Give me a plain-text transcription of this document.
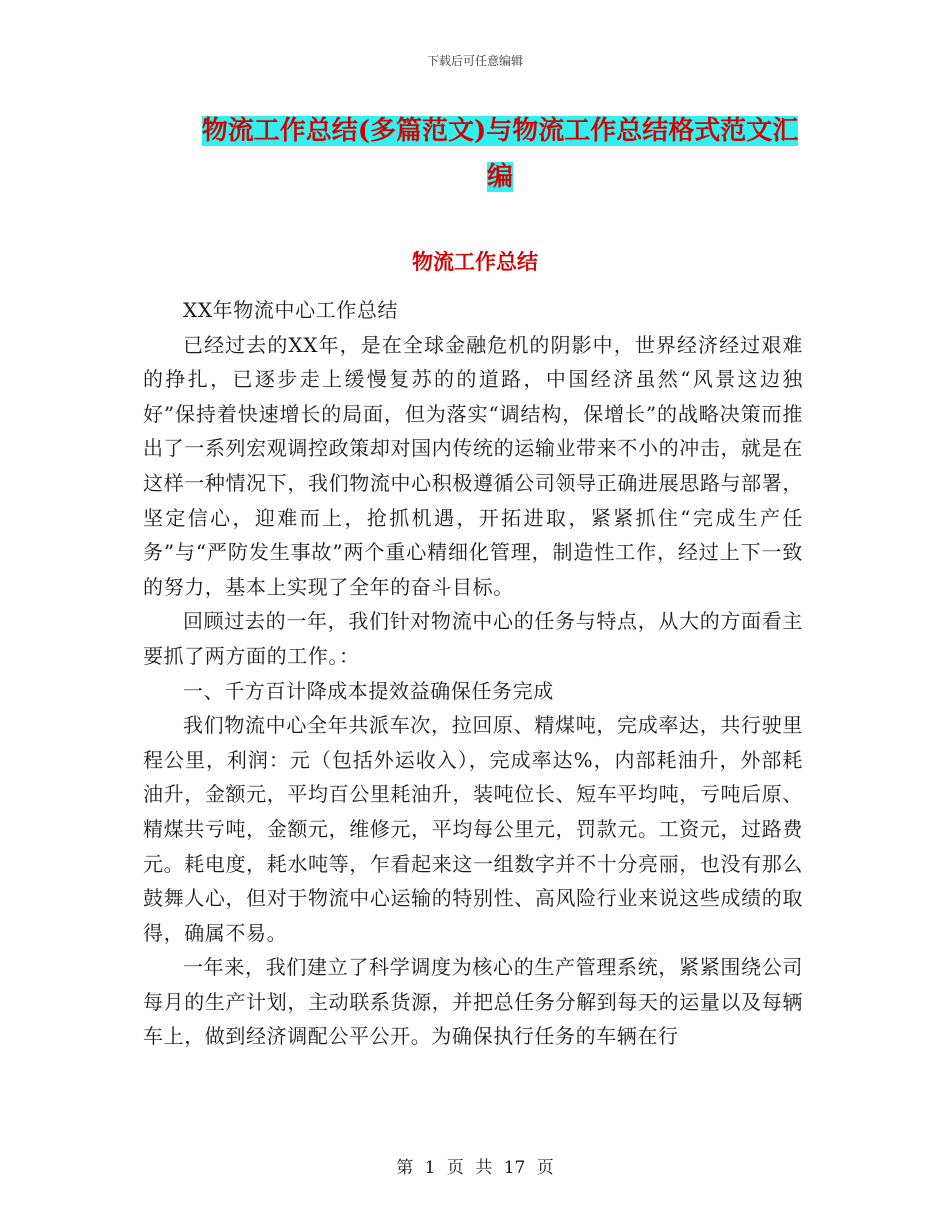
下载后可任意编辑
物流工作总结(多篇范文)与物流工作总结格式范文汇编
物流工作总结

XX年物流中心工作总结

已经过去的XX年，是在全球金融危机的阴影中，世界经济经过艰难的挣扎，已逐步走上缓慢复苏的的道路，中国经济虽然“风景这边独好”保持着快速增长的局面，但为落实“调结构，保增长”的战略决策而推出了一系列宏观调控政策却对国内传统的运输业带来不小的冲击，就是在这样一种情况下，我们物流中心积极遵循公司领导正确进展思路与部署，坚定信心，迎难而上，抢抓机遇，开拓进取，紧紧抓住“完成生产任务”与“严防发生事故”两个重心精细化管理，制造性工作，经过上下一致的努力，基本上实现了全年的奋斗目标。

回顾过去的一年，我们针对物流中心的任务与特点，从大的方面看主要抓了两方面的工作。：

一、千方百计降成本提效益确保任务完成

我们物流中心全年共派车次，拉回原、精煤吨，完成率达，共行驶里程公里，利润：元（包括外运收入），完成率达%，内部耗油升，外部耗油升，金额元，平均百公里耗油升，装吨位长、短车平均吨，亏吨后原、精煤共亏吨，金额元，维修元，平均每公里元，罚款元。工资元，过路费元。耗电度，耗水吨等，乍看起来这一组数字并不十分亮丽，也没有那么鼓舞人心，但对于物流中心运输的特别性、高风险行业来说这些成绩的取得，确属不易。

一年来，我们建立了科学调度为核心的生产管理系统，紧紧围绕公司每月的生产计划，主动联系货源，并把总任务分解到每天的运量以及每辆车上，做到经济调配公平公开。为确保执行任务的车辆在行

第 1 页 共 17 页
